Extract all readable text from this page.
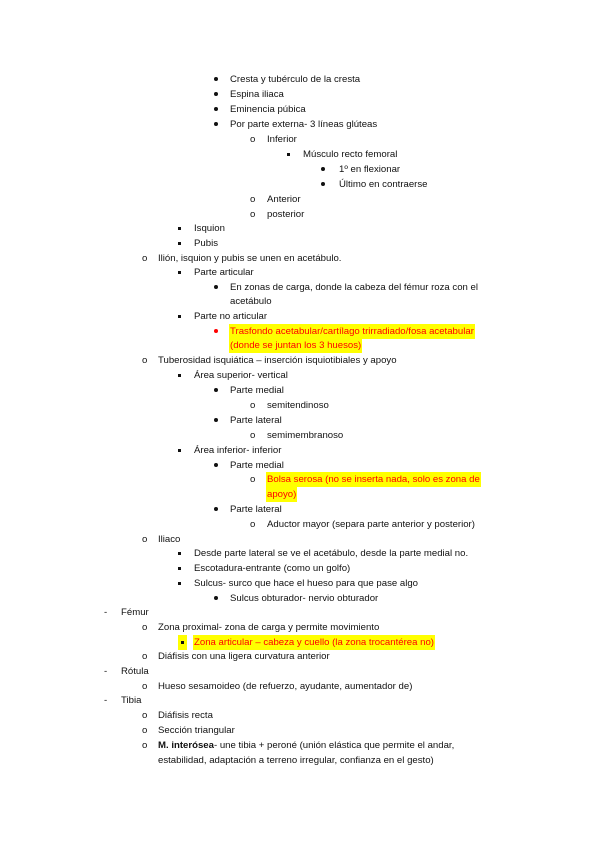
Cresta y tubérculo de la cresta
Espina iliaca
Eminencia púbica
Por parte externa- 3 líneas glúteas
o Inferior
Músculo recto femoral
1º en flexionar
Último en contraerse
o Anterior
o posterior
Isquion
Pubis
o Ilión, isquion y pubis se unen en acetábulo.
Parte articular
En zonas de carga, donde la cabeza del fémur roza con el
acetábulo
Parte no articular
Trasfondo acetabular/cartílago trirradiado/fosa acetabular
(donde se juntan los 3 huesos)
o Tuberosidad isquiática – inserción isquiotibiales y apoyo
Área superior- vertical
Parte medial
o semitendinoso
Parte lateral
o semimembranoso
Área inferior- inferior
Parte medial
o Bolsa serosa (no se inserta nada, solo es zona de
apoyo)
Parte lateral
o Aductor mayor (separa parte anterior y posterior)
o Iliaco
Desde parte lateral se ve el acetábulo, desde la parte medial no.
Escotadura-entrante (como un golfo)
Sulcus- surco que hace el hueso para que pase algo
Sulcus obturador- nervio obturador
- Fémur
o Zona proximal- zona de carga y permite movimiento
Zona articular – cabeza y cuello (la zona trocantérea no)
o Diáfisis con una ligera curvatura anterior
- Rótula
o Hueso sesamoideo (de refuerzo, ayudante, aumentador de)
- Tibia
o Diáfisis recta
o Sección triangular
o M. interósea- une tibia + peroné (unión elástica que permite el andar,
estabilidad, adaptación a terreno irregular, confianza en el gesto)
